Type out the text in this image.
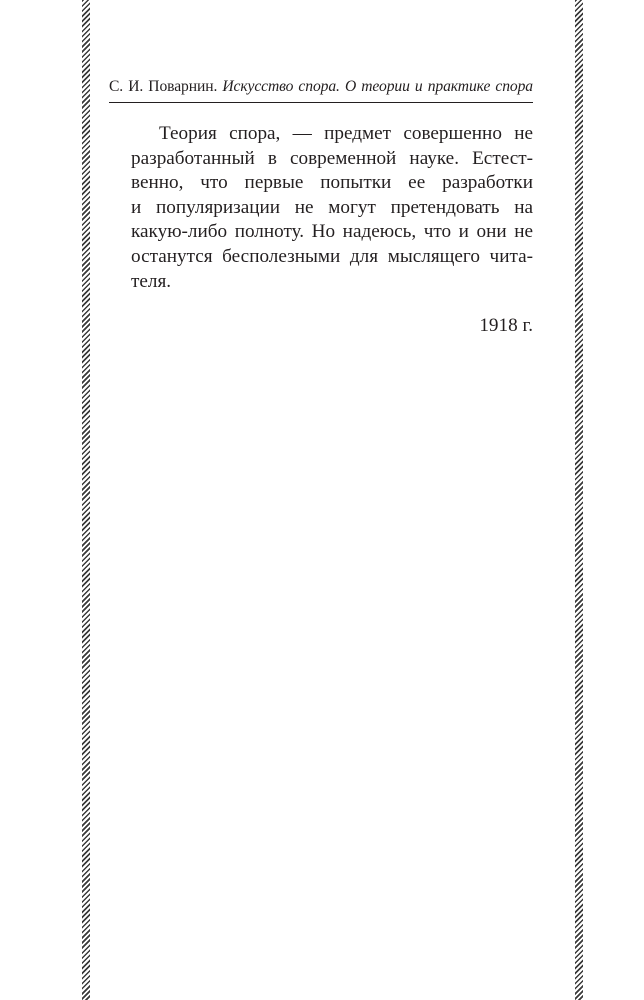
С. И. Поварнин. Искусство спора. О теории и практике спора

Теория спора, — предмет совершенно не
разработанный в современной науке. Естест-
венно, что первые попытки ее разработки
и популяризации не могут претендовать на
какую-либо полноту. Но надеюсь, что и они не
останутся бесполезными для мыслящего чита-
теля.

1918 г.
